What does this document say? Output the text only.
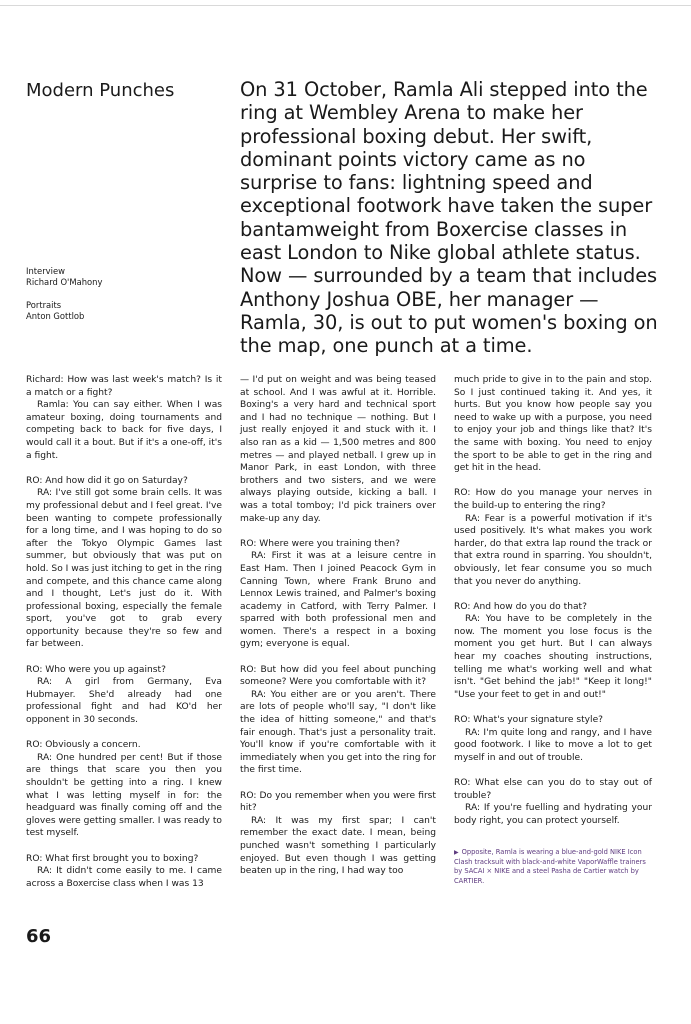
Modern Punches	On 31 October, Ramla Ali stepped into the ring at Wembley Arena to make her professional boxing debut. Her swift, dominant points victory came as no surprise to fans: lightning speed and exceptional footwork have taken the super bantamweight from Boxercise classes in east London to Nike global athlete status. Now — surrounded by a team that includes Anthony Joshua OBE, her manager — Ramla, 30, is out to put women's boxing on the map, one punch at a time.
Interview
Richard O'Mahony
Portraits
Anton Gottlob

Richard: How was last week's match? Is it a match or a fight?

Ramla: You can say either. When I was amateur boxing, doing tournaments and competing back to back for five days, I would call it a bout. But if it's a one-off, it's a fight.

RO: And how did it go on Saturday?

RA: I've still got some brain cells. It was my professional debut and I feel great. I've been wanting to compete professionally for a long time, and I was hoping to do so after the Tokyo Olympic Games last summer, but obviously that was put on hold. So I was just itching to get in the ring and compete, and this chance came along and I thought, Let's just do it. With professional boxing, especially the female sport, you've got to grab every opportunity because they're so few and far between.

RO: Who were you up against?

RA: A girl from Germany, Eva Hubmayer. She'd already had one professional fight and had KO'd her opponent in 30 seconds.

RO: Obviously a concern.

RA: One hundred per cent! But if those are things that scare you then you shouldn't be getting into a ring. I knew what I was letting myself in for: the headguard was finally coming off and the gloves were getting smaller. I was ready to test myself.

RO: What first brought you to boxing?

RA: It didn't come easily to me. I came across a Boxercise class when I was 13

— I'd put on weight and was being teased at school. And I was awful at it. Horrible. Boxing's a very hard and technical sport and I had no technique — nothing. But I just really enjoyed it and stuck with it. I also ran as a kid — 1,500 metres and 800 metres — and played netball. I grew up in Manor Park, in east London, with three brothers and two sisters, and we were always playing outside, kicking a ball. I was a total tomboy; I'd pick trainers over make-up any day.

RO: Where were you training then?

RA: First it was at a leisure centre in East Ham. Then I joined Peacock Gym in Canning Town, where Frank Bruno and Lennox Lewis trained, and Palmer's boxing academy in Catford, with Terry Palmer. I sparred with both professional men and women. There's a respect in a boxing gym; everyone is equal.

RO: But how did you feel about punching someone? Were you comfortable with it?

RA: You either are or you aren't. There are lots of people who'll say, "I don't like the idea of hitting someone," and that's fair enough. That's just a personality trait. You'll know if you're comfortable with it immediately when you get into the ring for the first time.

RO: Do you remember when you were first hit?

RA: It was my first spar; I can't remember the exact date. I mean, being punched wasn't something I particularly enjoyed. But even though I was getting beaten up in the ring, I had way too

much pride to give in to the pain and stop. So I just continued taking it. And yes, it hurts. But you know how people say you need to wake up with a purpose, you need to enjoy your job and things like that? It's the same with boxing. You need to enjoy the sport to be able to get in the ring and get hit in the head.

RO: How do you manage your nerves in the build-up to entering the ring?

RA: Fear is a powerful motivation if it's used positively. It's what makes you work harder, do that extra lap round the track or that extra round in sparring. You shouldn't, obviously, let fear consume you so much that you never do anything.

RO: And how do you do that?

RA: You have to be completely in the now. The moment you lose focus is the moment you get hurt. But I can always hear my coaches shouting instructions, telling me what's working well and what isn't. "Get behind the jab!" "Keep it long!" "Use your feet to get in and out!"

RO: What's your signature style?

RA: I'm quite long and rangy, and I have good footwork. I like to move a lot to get myself in and out of trouble.

RO: What else can you do to stay out of trouble?

RA: If you're fuelling and hydrating your body right, you can protect yourself.

▶ Opposite, Ramla is wearing a blue-and-gold NIKE Icon Clash tracksuit with black-and-white VaporWaffle trainers by SACAI × NIKE and a steel Pasha de Cartier watch by CARTIER.
66
